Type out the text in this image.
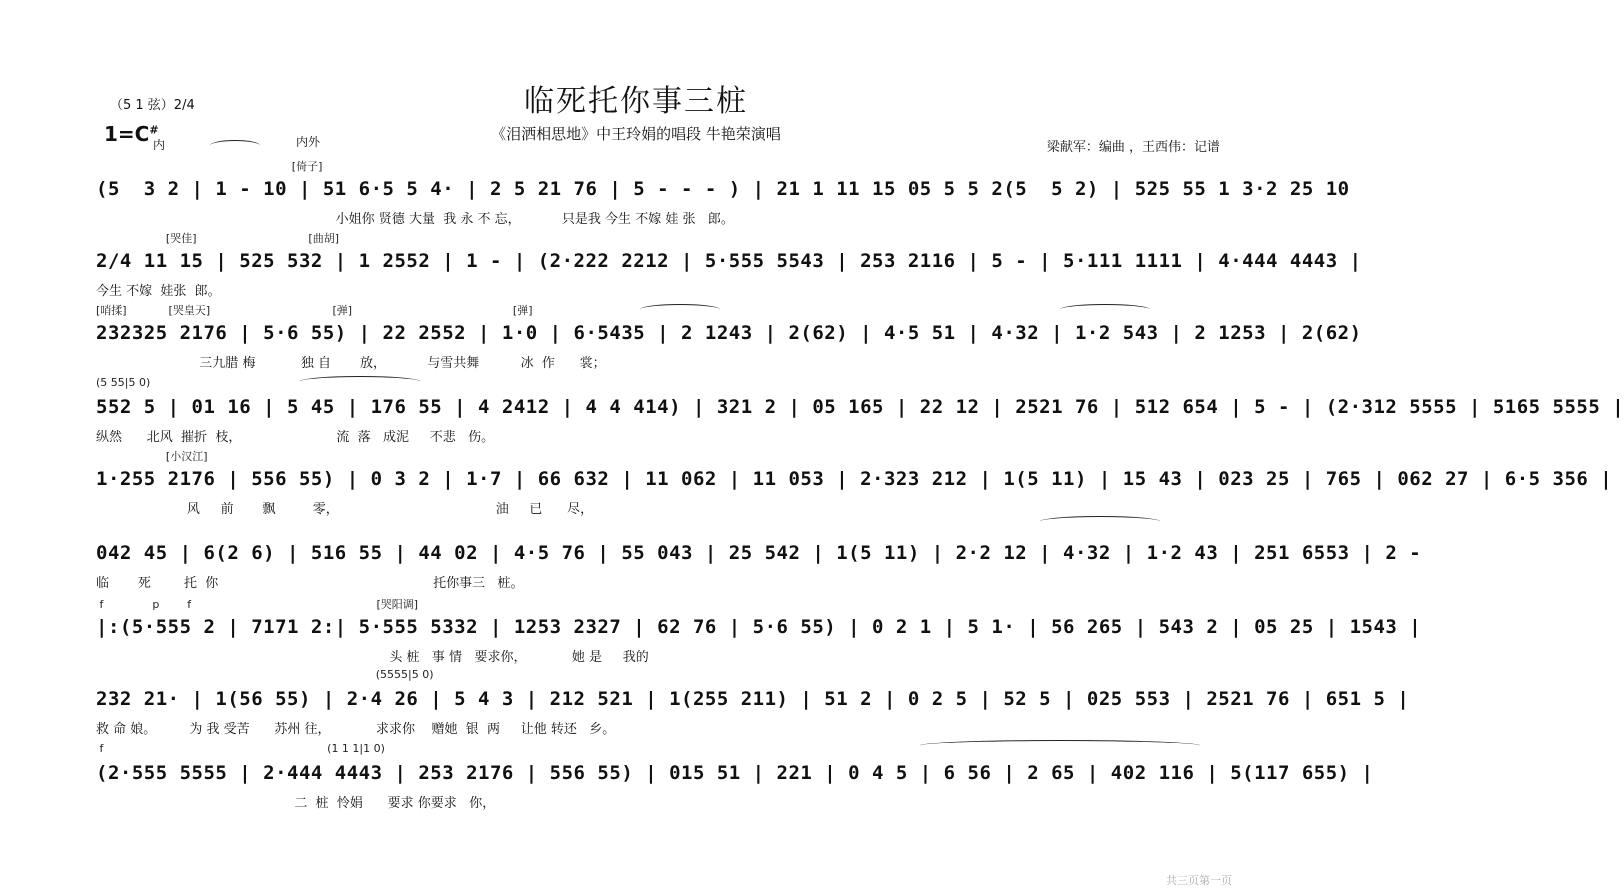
临死托你事三桩
《泪洒相思地》中王玲娟的唱段 牛艳荣演唱
梁献军：编曲 ，王西伟：记谱
（5 1 弦）2/4
1=C#
内	内外
[倚子]
(5  3 2 | 1 - 10 | 51 6·5 5 4· | 2 5 21 76 | 5 - - - ) | 21 1 11 15 05 5 5 2(5  5 2) | 525 55 1 3·2 25 10
小姐你 贤德 大量  我 永 不 忘，          只是我 今生 不嫁 娃 张   郎。
[哭佳]                                [曲胡]
2/4 11 15 | 525 532 | 1 2552 | 1 - | (2·222 2212 | 5·555 5543 | 253 2116 | 5 - | 5·111 1111 | 4·444 4443 |
今生 不嫁  娃张  郎。
[哨揉]            [哭皇天]                                   [弹]                                              [弹]
232325 2176 | 5·6 55) | 22 2552 | 1·0 | 6·5435 | 2 1243 | 2(62) | 4·5 51 | 4·32 | 1·2 543 | 2 1253 | 2(62)
三九腊 梅           独 自       放，          与雪共舞          冰  作      裳；
(5 55|5 0)
552 5 | 01 16 | 5 45 | 176 55 | 4 2412 | 4 4 414) | 321 2 | 05 165 | 22 12 | 2521 76 | 512 654 | 5 - | (2·312 5555 | 5165 5555 |
纵然      北风  摧折  枝，                       流  落   成泥     不悲   伤。
[小汉江]
1·255 2176 | 556 55) | 0 3 2 | 1·7 | 66 632 | 11 062 | 11 053 | 2·323 212 | 1(5 11) | 15 43 | 023 25 | 765 | 062 27 | 6·5 356 |
风     前       飘         零，                                      油     已      尽，
042 45 | 6(2 6) | 516 55 | 44 02 | 4·5 76 | 55 043 | 25 542 | 1(5 11) | 2·2 12 | 4·32 | 1·2 43 | 251 6553 | 2 -
临       死        托  你                                                    托你事三   桩。
f              p        f                                                     [哭阳调]
|:(5·555 2 | 7171 2:| 5·555 5332 | 1253 2327 | 62 76 | 5·6 55) | 0 2 1 | 5 1· | 56 265 | 543 2 | 05 25 | 1543 |
头 桩   事 情   要求你，           她 是     我的
(5555|5 0)
232 21· | 1(56 55) | 2·4 26 | 5 4 3 | 212 521 | 1(255 211) | 51 2 | 0 2 5 | 52 5 | 025 553 | 2521 76 | 651 5 |
救 命 娘。        为 我 受苦      苏州 往，           求求你    赠她  银  两     让他 转还   乡。
f                                                                (1 1 1|1 0)
(2·555 5555 | 2·444 4443 | 253 2176 | 556 55) | 015 51 | 221 | 0 4 5 | 6 56 | 2 65 | 402 116 | 5(117 655) |
二  桩  怜娟      要求 你要求   你，
共三页第一页
